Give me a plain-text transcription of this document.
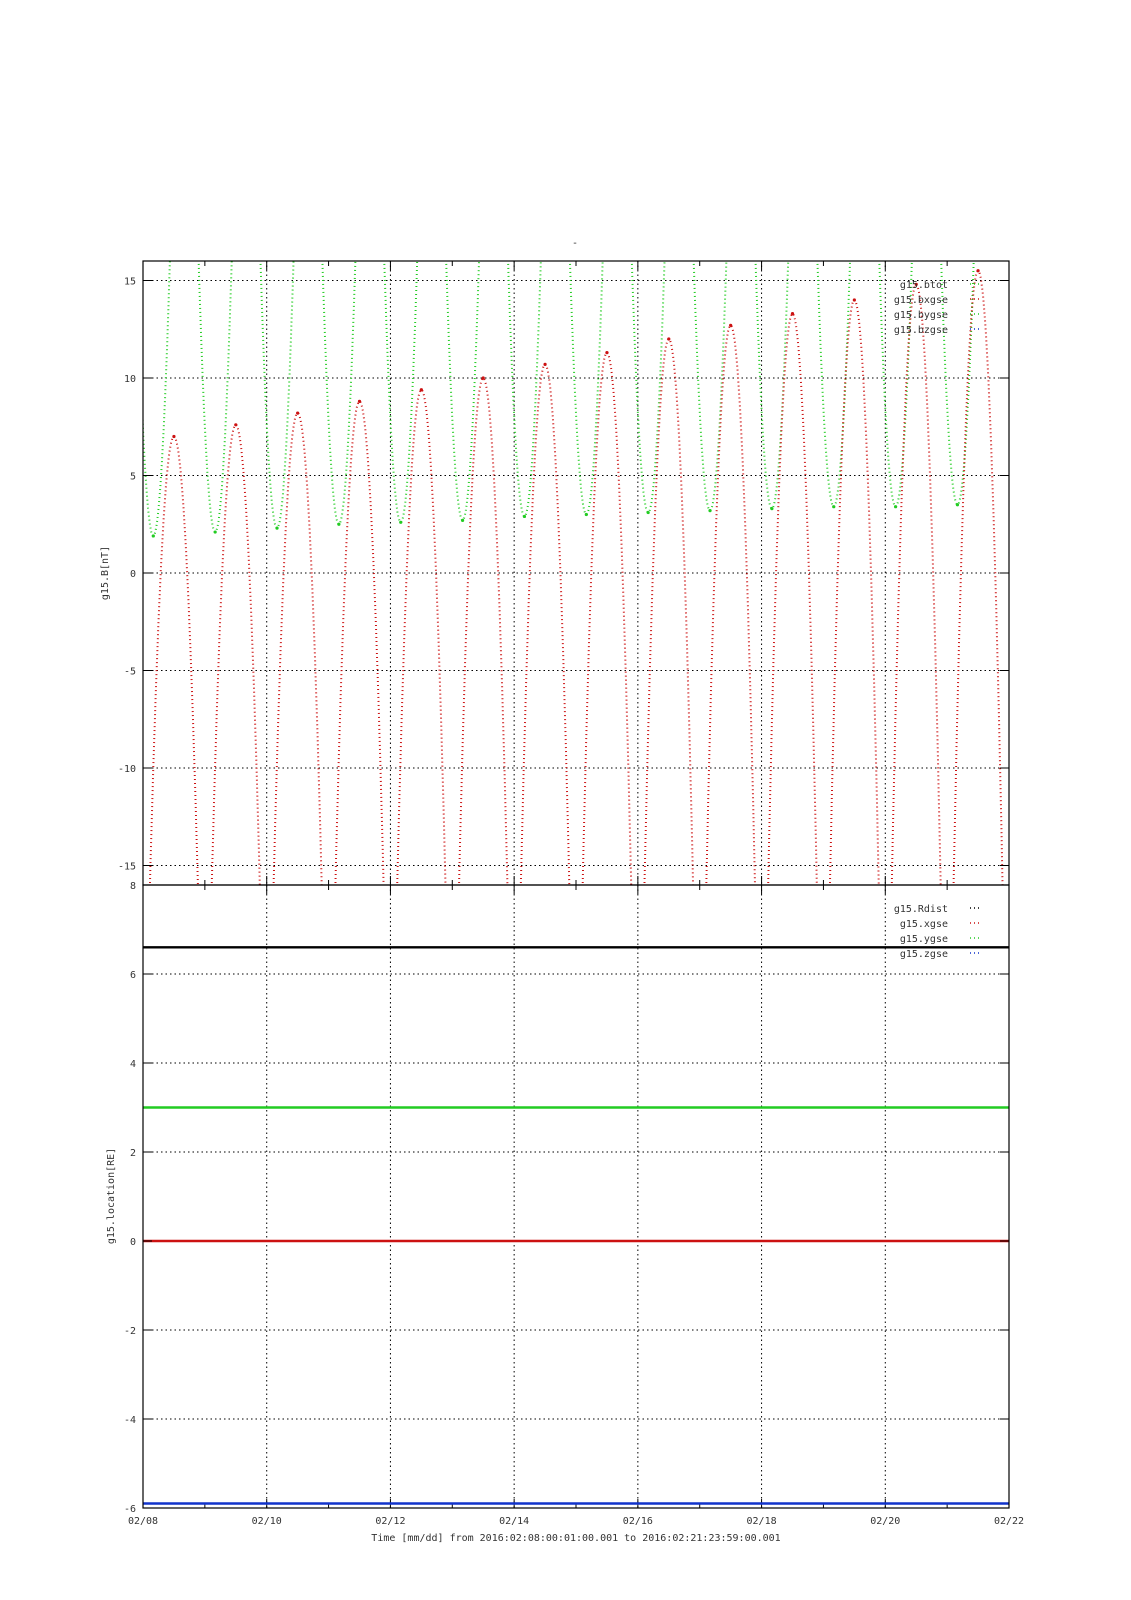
-
15
10
5
0
-5
-10
-15
g15.btot
g15.bxgse
g15.bygse
g15.bzgse
g15.B[nT]
8
6
4
2
0
-2
-4
-6
g15.Rdist
g15.xgse
g15.ygse
g15.zgse
g15.location[RE]
02/08	02/10	02/12	02/14	02/16	02/18	02/20	02/22
Time [mm/dd] from 2016:02:08:00:01:00.001 to 2016:02:21:23:59:00.001
